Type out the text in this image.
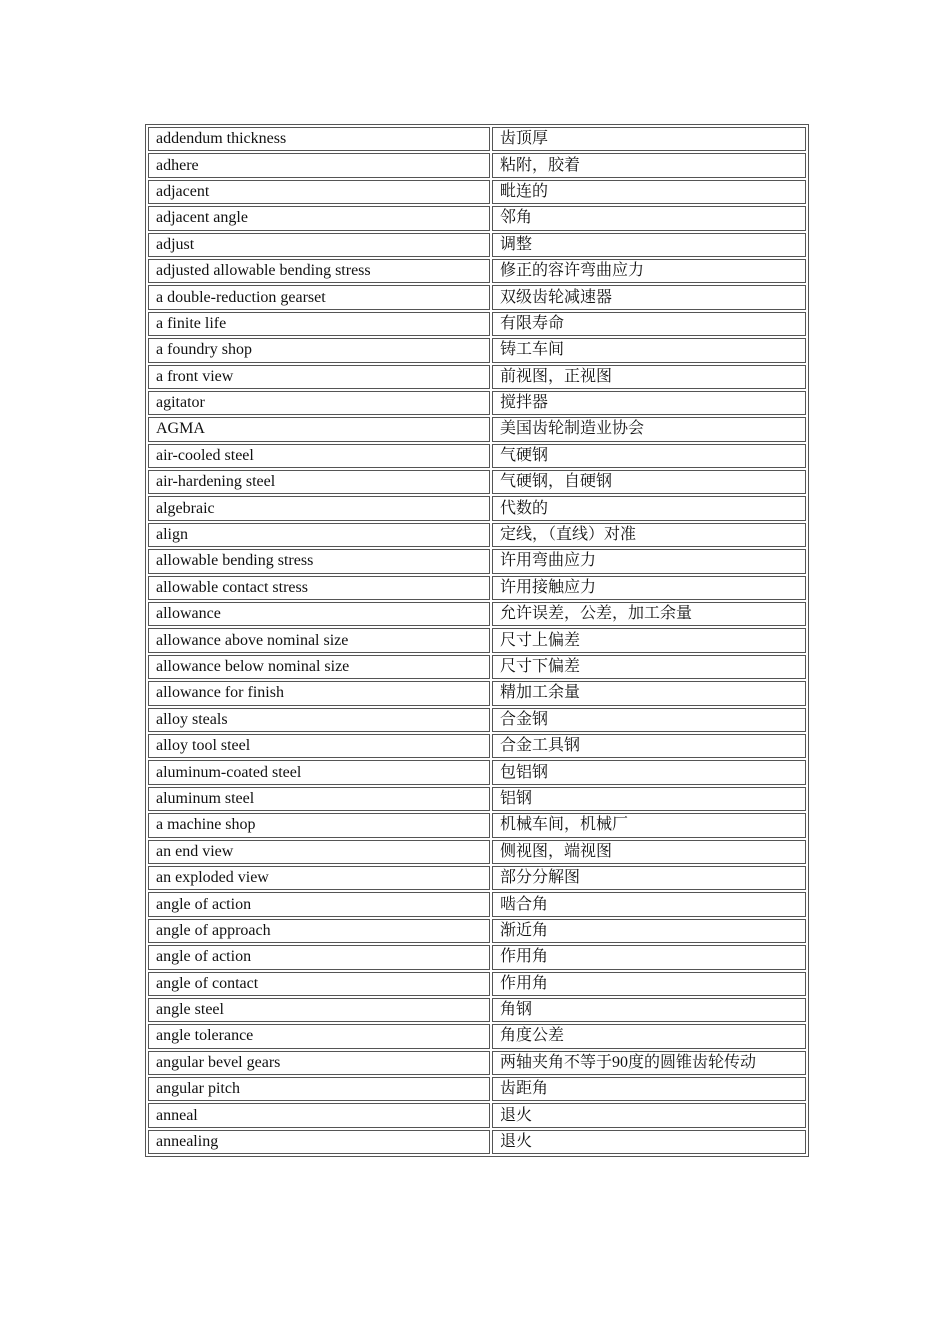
addendum thickness	齿顶厚
adhere	粘附，胶着
adjacent	毗连的
adjacent angle	邻角
adjust	调整
adjusted allowable bending stress	修正的容许弯曲应力
a double-reduction gearset	双级齿轮减速器
a finite life	有限寿命
a foundry shop	铸工车间
a front view	前视图，正视图
agitator	搅拌器
AGMA	美国齿轮制造业协会
air-cooled steel	气硬钢
air-hardening steel	气硬钢，自硬钢
algebraic	代数的
align	定线，（直线）对准
allowable bending stress	许用弯曲应力
allowable contact stress	许用接触应力
allowance	允许误差，公差，加工余量
allowance above nominal size	尺寸上偏差
allowance below nominal size	尺寸下偏差
allowance for finish	精加工余量
alloy steals	合金钢
alloy tool steel	合金工具钢
aluminum-coated steel	包铝钢
aluminum steel	铝钢
a machine shop	机械车间，机械厂
an end view	侧视图，端视图
an exploded view	部分分解图
angle of action	啮合角
angle of approach	渐近角
angle of action	作用角
angle of contact	作用角
angle steel	角钢
angle tolerance	角度公差
angular bevel gears	两轴夹角不等于90度的圆锥齿轮传动
angular pitch	齿距角
anneal	退火
annealing	退火
